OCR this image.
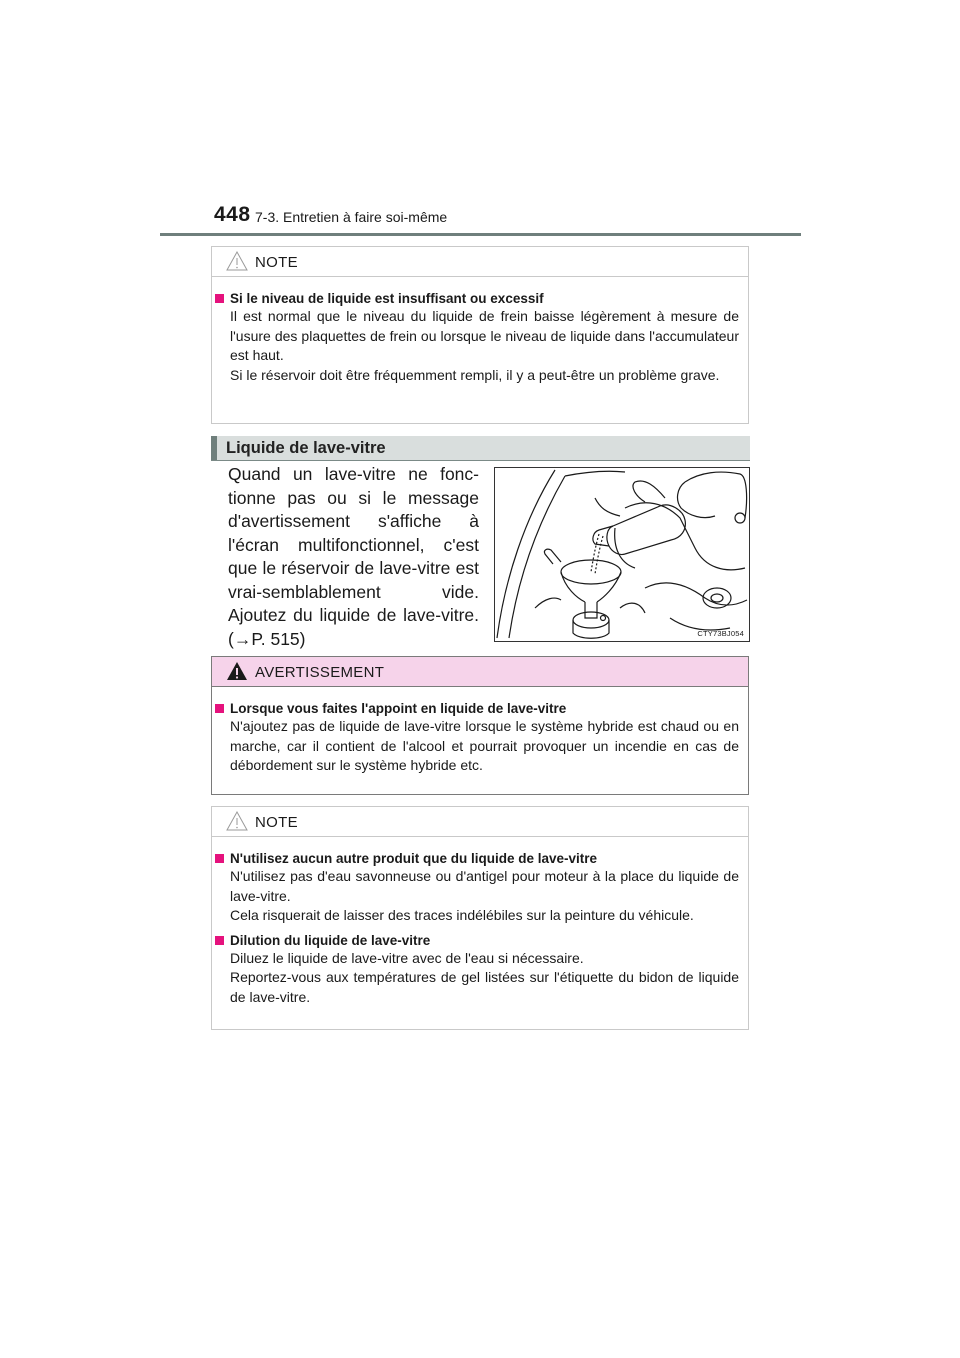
448 7-3. Entretien à faire soi-même
NOTE
Si le niveau de liquide est insuffisant ou excessif
Il est normal que le niveau du liquide de frein baisse légèrement à mesure de l'usure des plaquettes de frein ou lorsque le niveau de liquide dans l'accumulateur est haut.
Si le réservoir doit être fréquemment rempli, il y a peut-être un problème grave.
Liquide de lave-vitre

Quand un lave-vitre ne fonc-tionne pas ou si le message d'avertissement s'affiche à l'écran multifonctionnel, c'est que le réservoir de lave-vitre est vrai-semblablement vide. Ajoutez du liquide de lave-vitre. (→P. 515)	CTY73BJ054
AVERTISSEMENT
Lorsque vous faites l'appoint en liquide de lave-vitre
N'ajoutez pas de liquide de lave-vitre lorsque le système hybride est chaud ou en marche, car il contient de l'alcool et pourrait provoquer un incendie en cas de débordement sur le système hybride etc.
NOTE
N'utilisez aucun autre produit que du liquide de lave-vitre
N'utilisez pas d'eau savonneuse ou d'antigel pour moteur à la place du liquide de lave-vitre.
Cela risquerait de laisser des traces indélébiles sur la peinture du véhicule.
Dilution du liquide de lave-vitre
Diluez le liquide de lave-vitre avec de l'eau si nécessaire.
Reportez-vous aux températures de gel listées sur l'étiquette du bidon de liquide de lave-vitre.
